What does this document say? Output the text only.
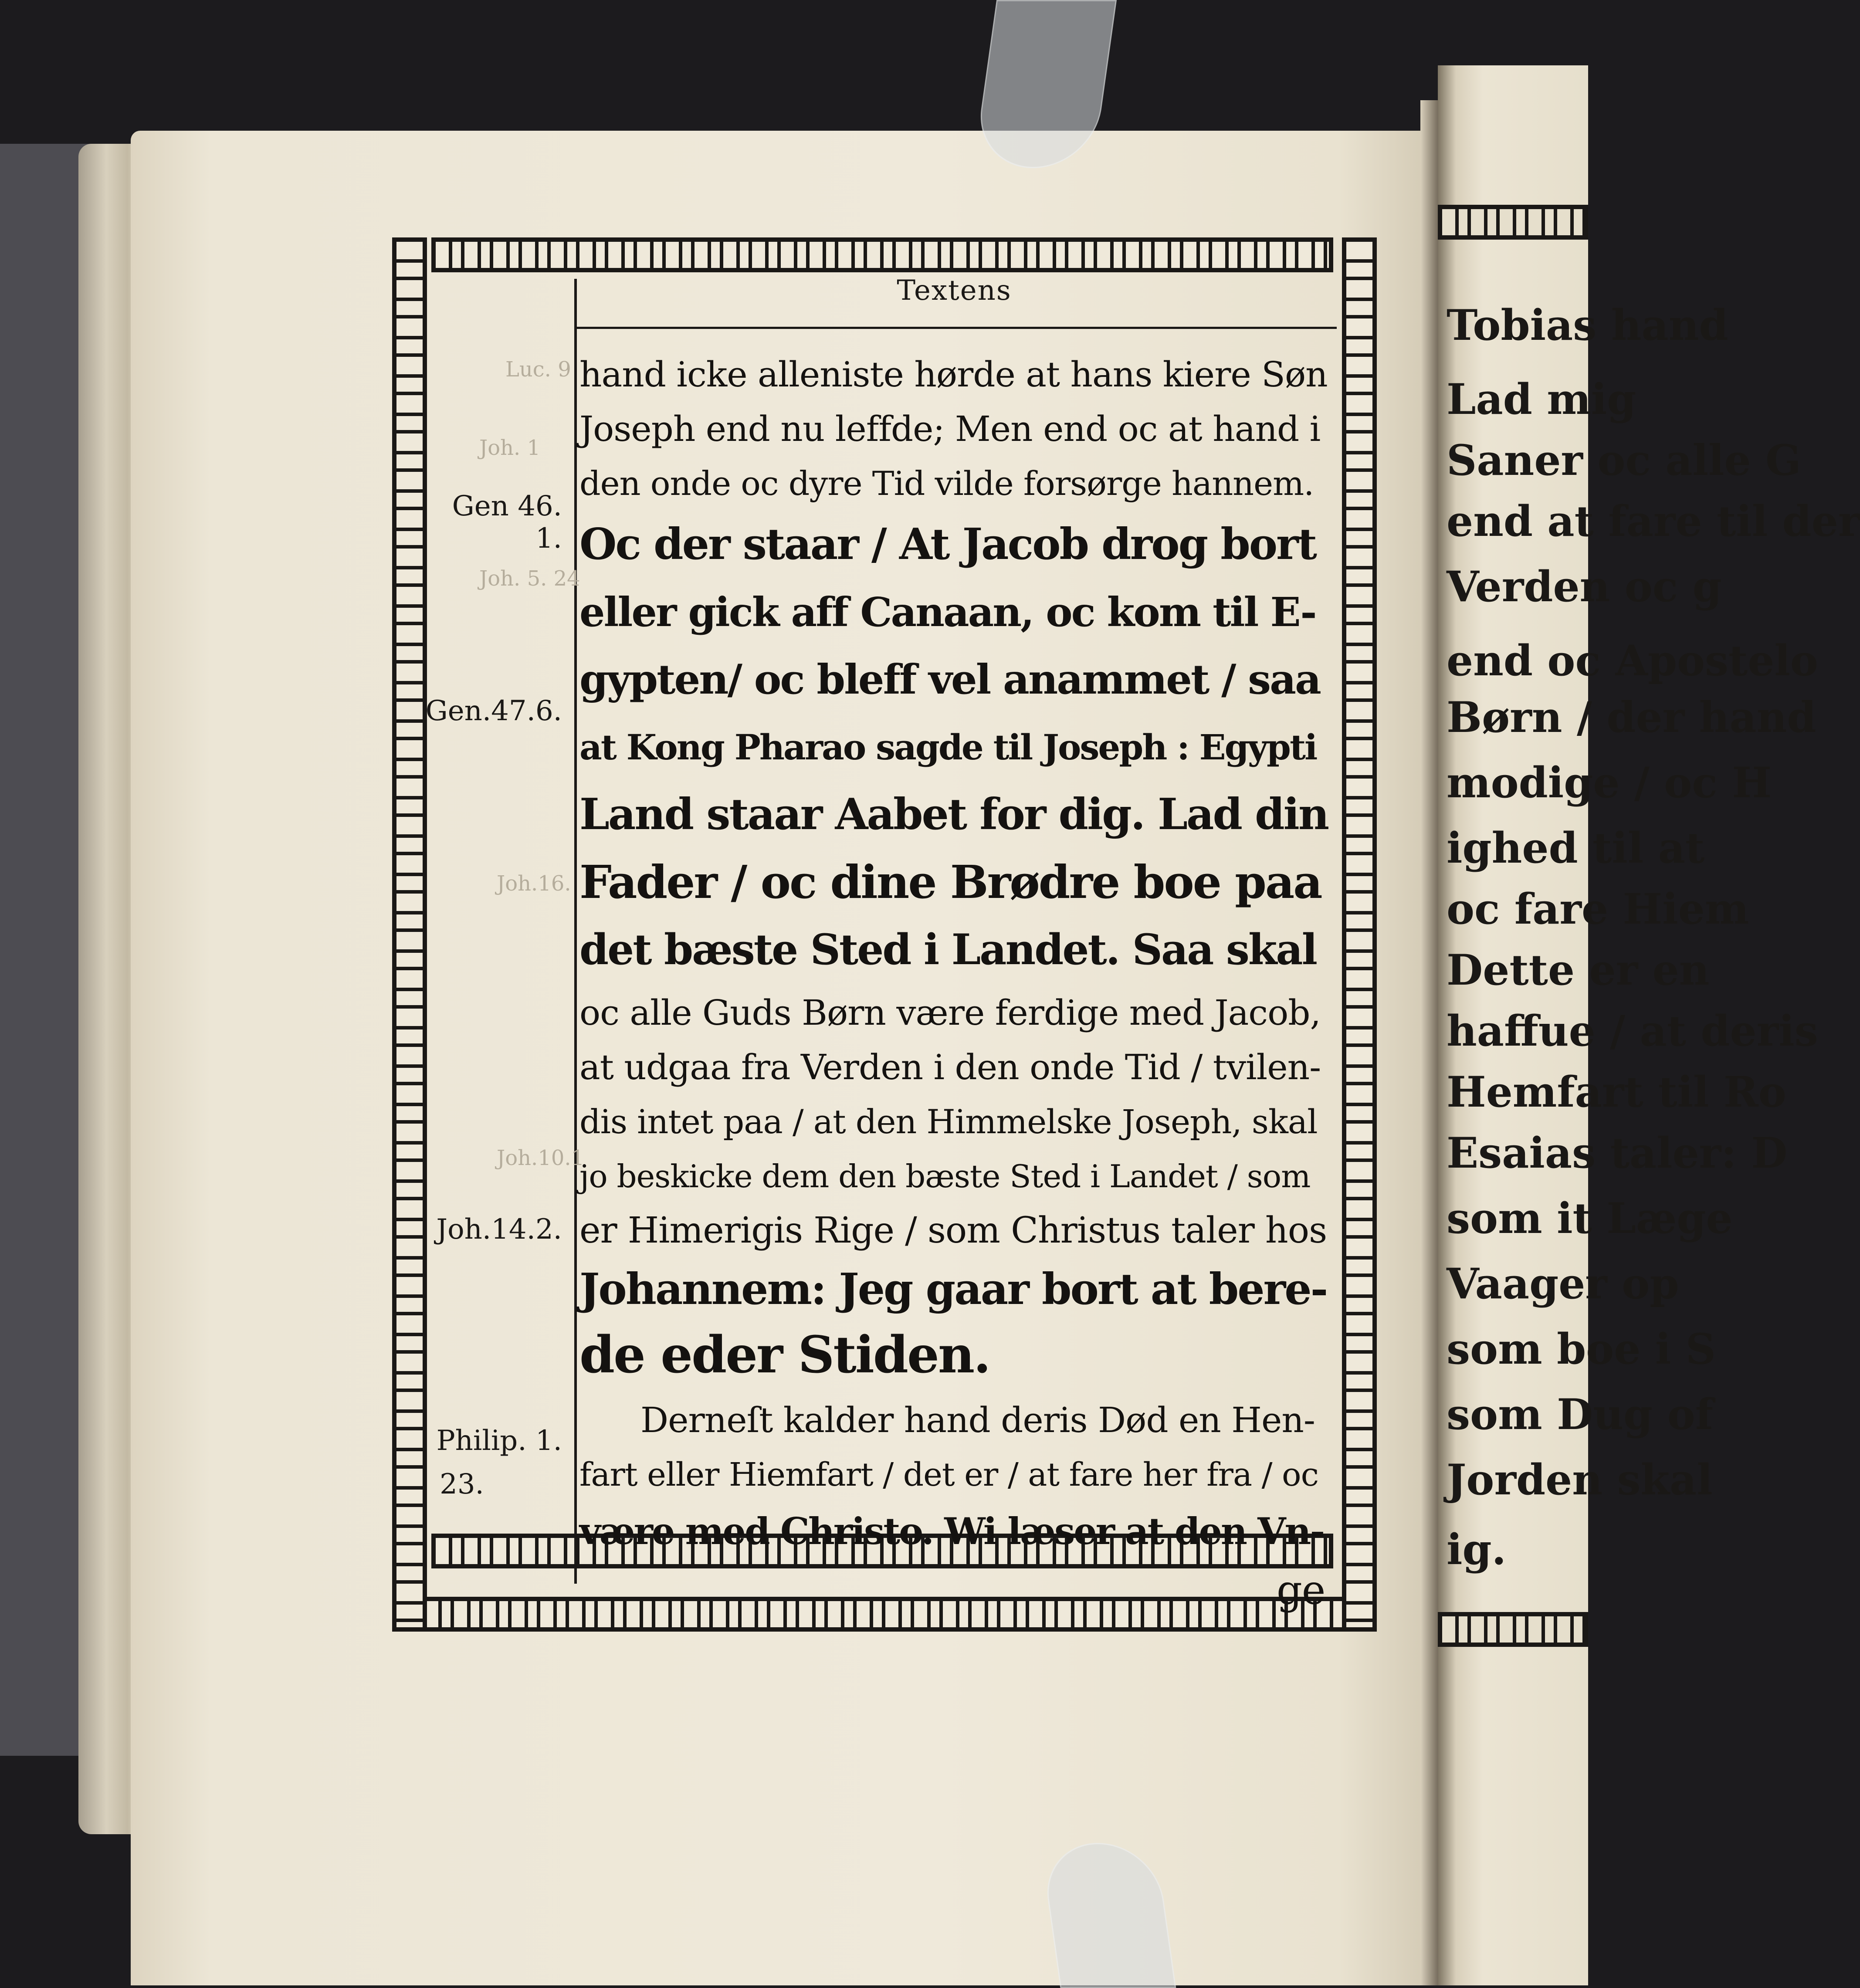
Tobias hand
Lad mig
Saner oc alle G
end at fare til der
Verden oc g
end oc Apostelo
Børn / der hand
modige / oc H
ighed til at
oc fare Hiem
Dette er en
haffue / at deris
Hemfart til Ro
Esaias taler: D
som it Læge
Vaager op
som boe i S
som Dug of
Jorden skal
ig.
Textens
Gen 46. 1.
Gen.47.6.
Joh.14.2.
Philip. 1.
23.
Luc. 9
Joh. 1
Joh. 5. 24
Joh.16.
Joh.10.1
hand icke alleniste hørde at hans kiere Søn
Joseph end nu leffde; Men end oc at hand i
den onde oc dyre Tid vilde forsørge hannem.
Oc der staar / At Jacob drog bort
eller gick aff Canaan, oc kom til E-
gypten/ oc bleff vel anammet / saa
at Kong Pharao sagde til Joseph : Egypti
Land staar Aabet for dig. Lad din
Fader / oc dine Brødre boe paa
det bæste Sted i Landet. Saa skal
oc alle Guds Børn være ferdige med Jacob,
at udgaa fra Verden i den onde Tid / tvilen-
dis intet paa / at den Himmelske Joseph, skal
jo beskicke dem den bæste Sted i Landet / som
er Himerigis Rige / som Christus taler hos
Johannem: Jeg gaar bort at bere-
de eder Stiden.
Derneſt kalder hand deris Død en Hen-
fart eller Hiemfart / det er / at fare her fra / oc
være med Christo. Wi læser at den Vn-
ge
